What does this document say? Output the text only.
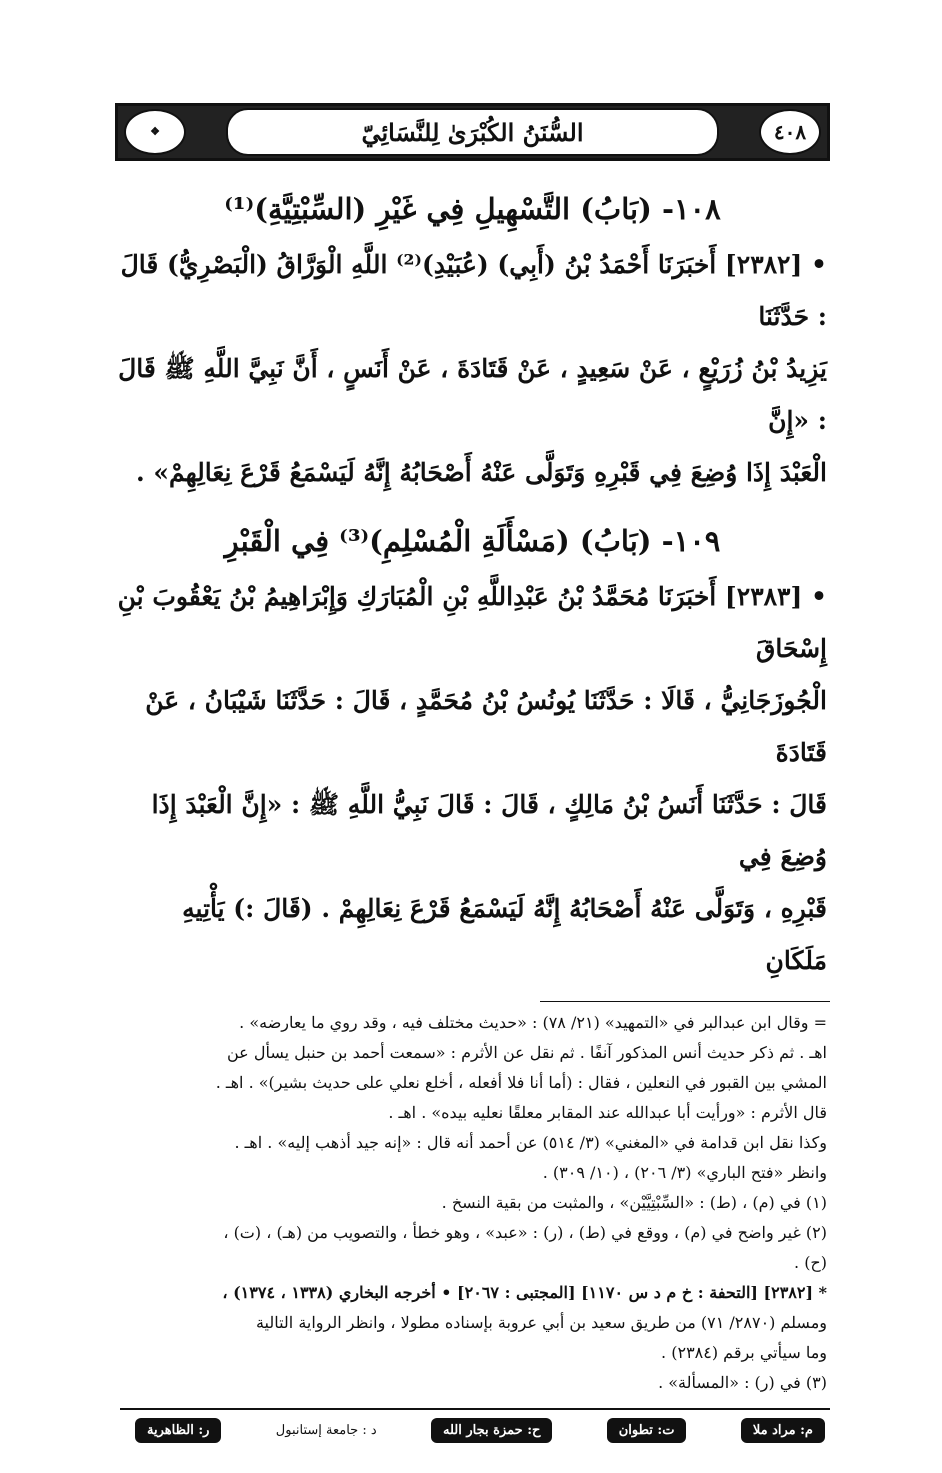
٤٠٨
السُّنَنُ الكُبْرَىٰ لِلنَّسَائِيّ
❖
١٠٨- (بَابُ) التَّسْهِيلِ فِي غَيْرِ (السِّبْتِيَّةِ)⁽¹⁾
• [٢٣٨٢] أَخبَرَنَا أَحْمَدُ بْنُ (أَبِي) (عُبَيْدِ)⁽²⁾ اللَّهِ الْوَرَّاقُ (الْبَصْرِيُّ) قَالَ : حَدَّثَنَا
يَزِيدُ بْنُ زُرَيْعٍ ، عَنْ سَعِيدٍ ، عَنْ قَتَادَةَ ، عَنْ أَنَسٍ ، أَنَّ نَبِيَّ اللَّهِ ﷺ قَالَ : «إِنَّ
الْعَبْدَ إِذَا وُضِعَ فِي قَبْرِهِ وَتَوَلَّى عَنْهُ أَصْحَابُهُ إِنَّهُ لَيَسْمَعُ قَرْعَ نِعَالِهِمْ» .
١٠٩- (بَابُ) (مَسْأَلَةِ الْمُسْلِمِ)⁽³⁾ فِي الْقَبْرِ
• [٢٣٨٣] أَخبَرَنَا مُحَمَّدُ بْنُ عَبْدِاللَّهِ بْنِ الْمُبَارَكِ وَإِبْرَاهِيمُ بْنُ يَعْقُوبَ بْنِ إِسْحَاقَ
الْجُوزَجَانِيُّ ، قَالَا : حَدَّثَنَا يُونُسُ بْنُ مُحَمَّدٍ ، قَالَ : حَدَّثَنَا شَيْبَانُ ، عَنْ قَتَادَةَ
قَالَ : حَدَّثَنَا أَنَسُ بْنُ مَالِكٍ ، قَالَ : قَالَ نَبِيُّ اللَّهِ ﷺ : «إِنَّ الْعَبْدَ إِذَا وُضِعَ فِي
قَبْرِهِ ، وَتَوَلَّى عَنْهُ أَصْحَابُهُ إِنَّهُ لَيَسْمَعُ قَرْعَ نِعَالِهِمْ . (قَالَ :) يَأْتِيهِ مَلَكَانِ
= وقال ابن عبدالبر في «التمهيد» (٢١/ ٧٨) : «حديث مختلف فيه ، وقد روي ما يعارضه» .
اهـ . ثم ذكر حديث أنس المذكور آنفًا . ثم نقل عن الأثرم : «سمعت أحمد بن حنبل يسأل عن
المشي بين القبور في النعلين ، فقال : (أما أنا فلا أفعله ، أخلع نعلي على حديث بشير)» . اهـ .
قال الأثرم : «ورأيت أبا عبدالله عند المقابر معلقًا نعليه بيده» . اهـ .
وكذا نقل ابن قدامة في «المغني» (٣/ ٥١٤) عن أحمد أنه قال : «إنه جيد أذهب إليه» . اهـ .
وانظر «فتح الباري» (٣/ ٢٠٦) ، (١٠/ ٣٠٩) .
(١) في (م) ، (ط) : «السِّبْتِيَّيْن» ، والمثبت من بقية النسخ .
(٢) غير واضح في (م) ، ووقع في (ط) ، (ر) : «عبد» ، وهو خطأ ، والتصويب من (هـ) ، (ت) ،
(ح) .
* [٢٣٨٢] [التحفة : خ م د س ١١٧٠] [المجتبى : ٢٠٦٧] • أخرجه البخاري (١٣٣٨ ، ١٣٧٤) ،
ومسلم (٢٨٧٠/ ٧١) من طريق سعيد بن أبي عروبة بإسناده مطولا ، وانظر الرواية التالية
وما سيأتي برقم (٢٣٨٤) .
(٣) في (ر) : «المسألة» .
م: مراد ملا
ت: تطوان
ح: حمزة بجار الله
د : جامعة إستانبول
ر: الظاهرية
